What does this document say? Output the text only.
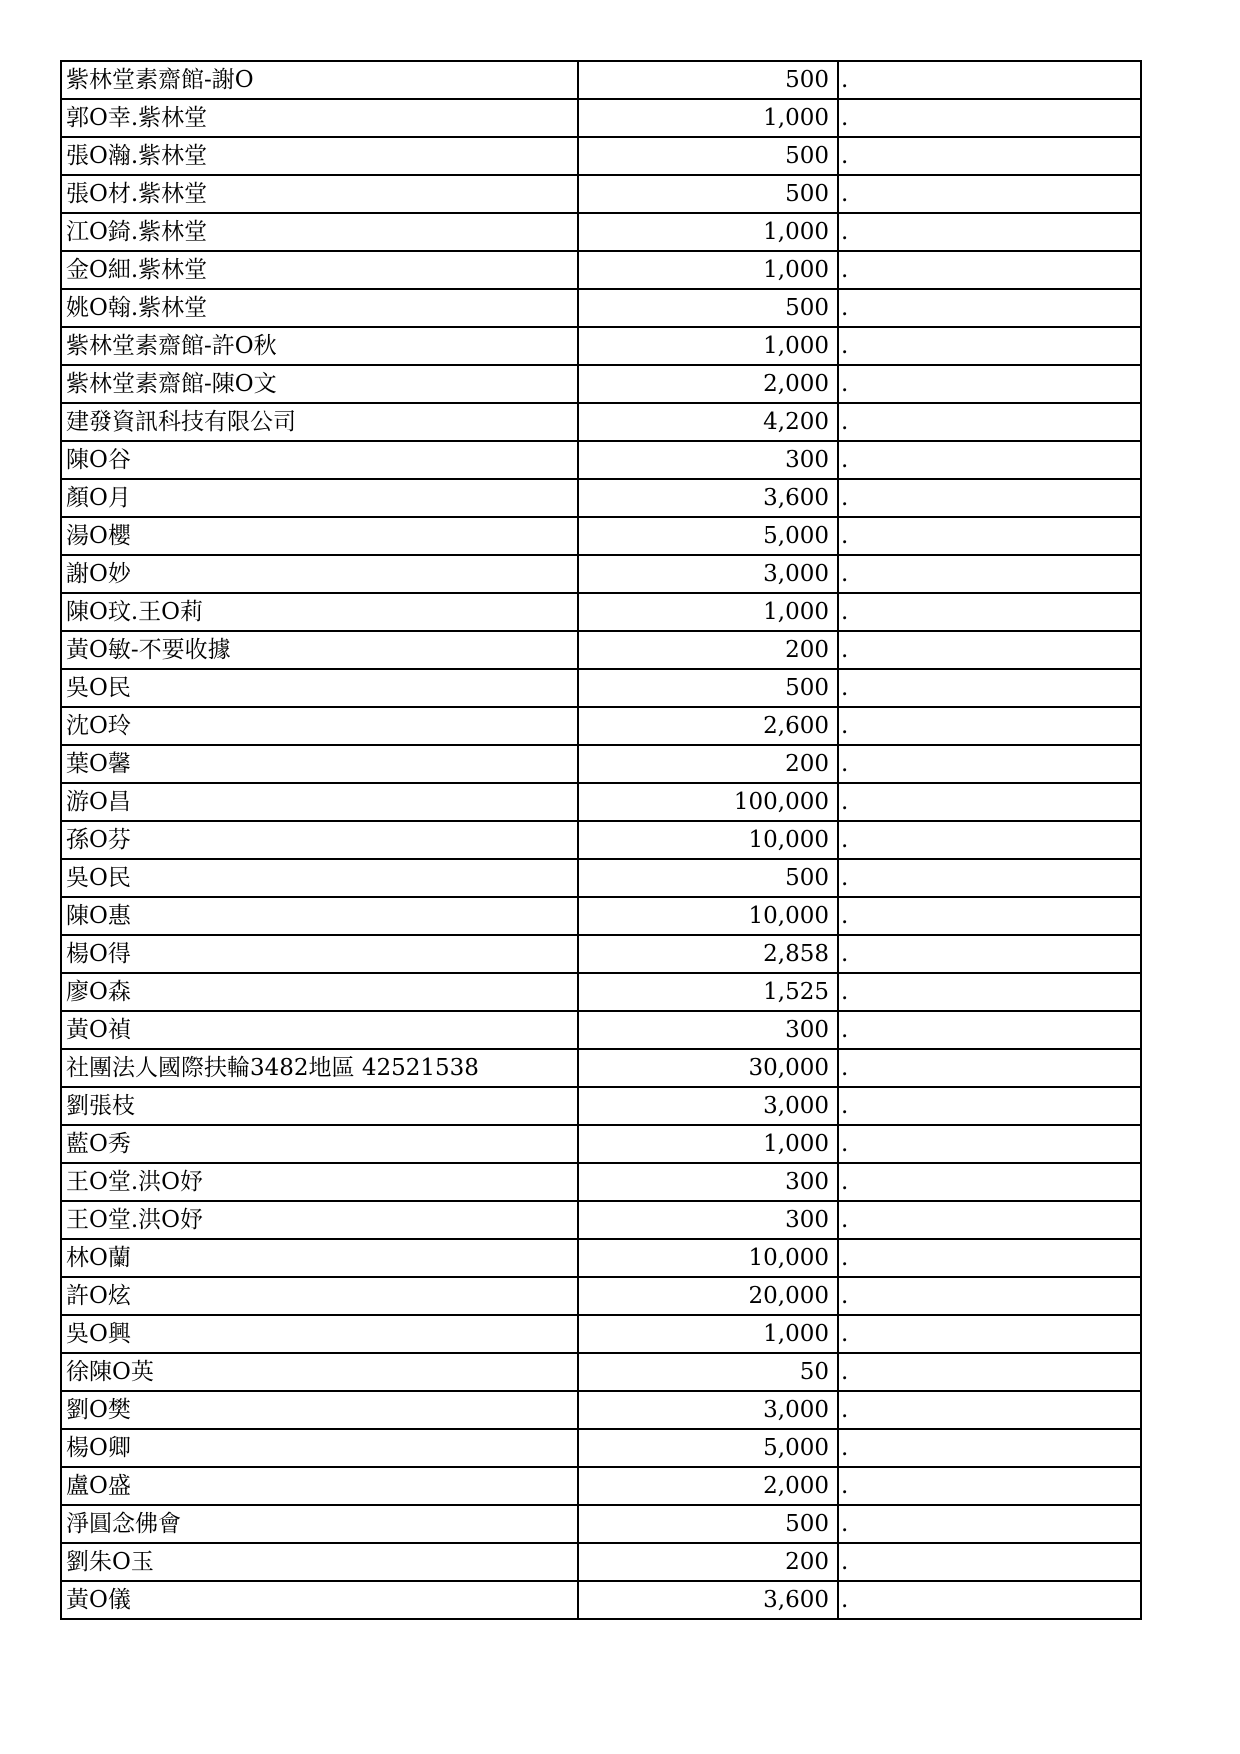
紫林堂素齋館-謝O	500	.
郭O幸.紫林堂	1,000	.
張O瀚.紫林堂	500	.
張O材.紫林堂	500	.
江O錡.紫林堂	1,000	.
金O細.紫林堂	1,000	.
姚O翰.紫林堂	500	.
紫林堂素齋館-許O秋	1,000	.
紫林堂素齋館-陳O文	2,000	.
建發資訊科技有限公司	4,200	.
陳O谷	300	.
顏O月	3,600	.
湯O櫻	5,000	.
謝O妙	3,000	.
陳O玟.王O莉	1,000	.
黃O敏-不要收據	200	.
吳O民	500	.
沈O玲	2,600	.
葉O馨	200	.
游O昌	100,000	.
孫O芬	10,000	.
吳O民	500	.
陳O惠	10,000	.
楊O得	2,858	.
廖O森	1,525	.
黃O禎	300	.
社團法人國際扶輪3482地區 42521538	30,000	.
劉張枝	3,000	.
藍O秀	1,000	.
王O堂.洪O妤	300	.
王O堂.洪O妤	300	.
林O蘭	10,000	.
許O炫	20,000	.
吳O興	1,000	.
徐陳O英	50	.
劉O樊	3,000	.
楊O卿	5,000	.
盧O盛	2,000	.
淨圓念佛會	500	.
劉朱O玉	200	.
黃O儀	3,600	.
